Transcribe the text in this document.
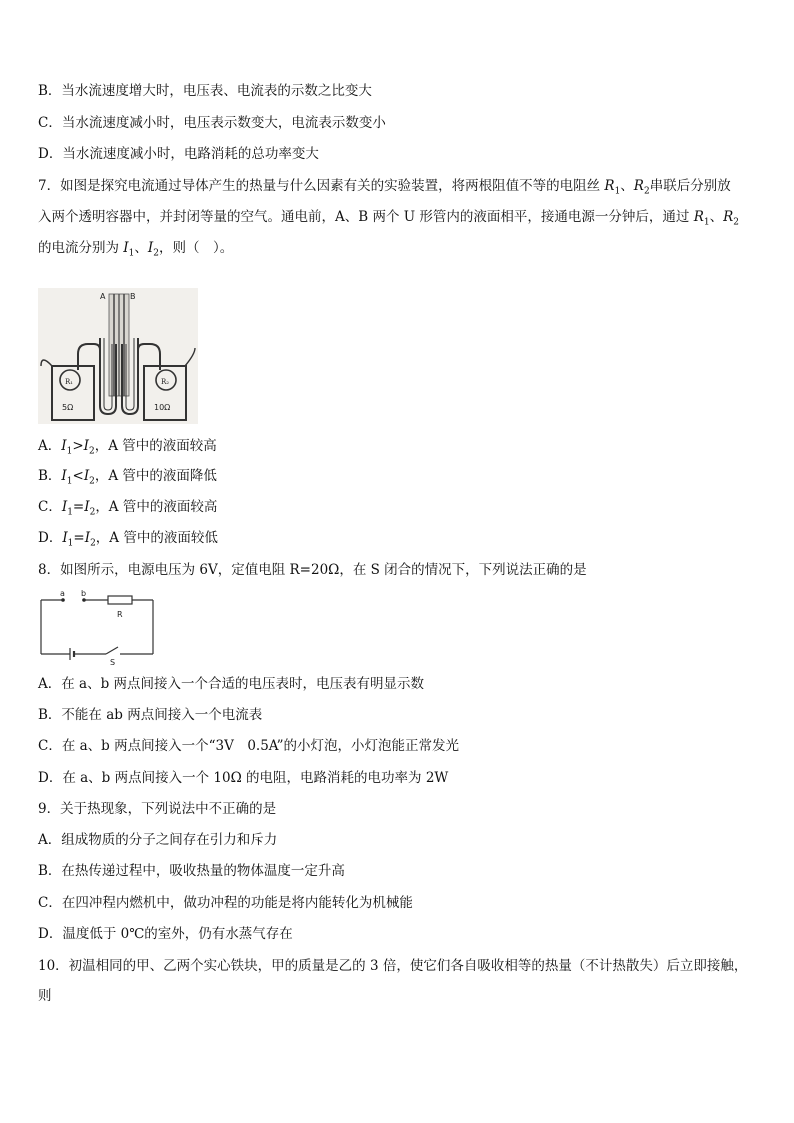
B．当水流速度增大时，电压表、电流表的示数之比变大
C．当水流速度减小时，电压表示数变大，电流表示数变小
D．当水流速度减小时，电路消耗的总功率变大
7．如图是探究电流通过导体产生的热量与什么因素有关的实验装置，将两根阻值不等的电阻丝 $R_1$、$R_2$串联后分别放
入两个透明容器中，并封闭等量的空气。通电前，A、B 两个 U 形管内的液面相平，接通电源一分钟后，通过 $R_1$、$R_2$
的电流分别为 $I_1$、$I_2$，则（　）。
A	B
R₁
5Ω
R₂
10Ω
A．$I_1>I_2$，A 管中的液面较高
B．$I_1<I_2$，A 管中的液面降低
C．$I_1=I_2$，A 管中的液面较高
D．$I_1=I_2$，A 管中的液面较低
8．如图所示，电源电压为 6V，定值电阻 R=20Ω，在 S 闭合的情况下，下列说法正确的是
a b
R
S
A．在 a、b 两点间接入一个合适的电压表时，电压表有明显示数
B．不能在 ab 两点间接入一个电流表
C．在 a、b 两点间接入一个“3V　0.5A”的小灯泡，小灯泡能正常发光
D．在 a、b 两点间接入一个 10Ω 的电阻，电路消耗的电功率为 2W
9．关于热现象，下列说法中不正确的是
A．组成物质的分子之间存在引力和斥力
B．在热传递过程中，吸收热量的物体温度一定升高
C．在四冲程内燃机中，做功冲程的功能是将内能转化为机械能
D．温度低于 0℃的室外，仍有水蒸气存在
10．初温相同的甲、乙两个实心铁块，甲的质量是乙的 3 倍，使它们各自吸收相等的热量（不计热散失）后立即接触，则
